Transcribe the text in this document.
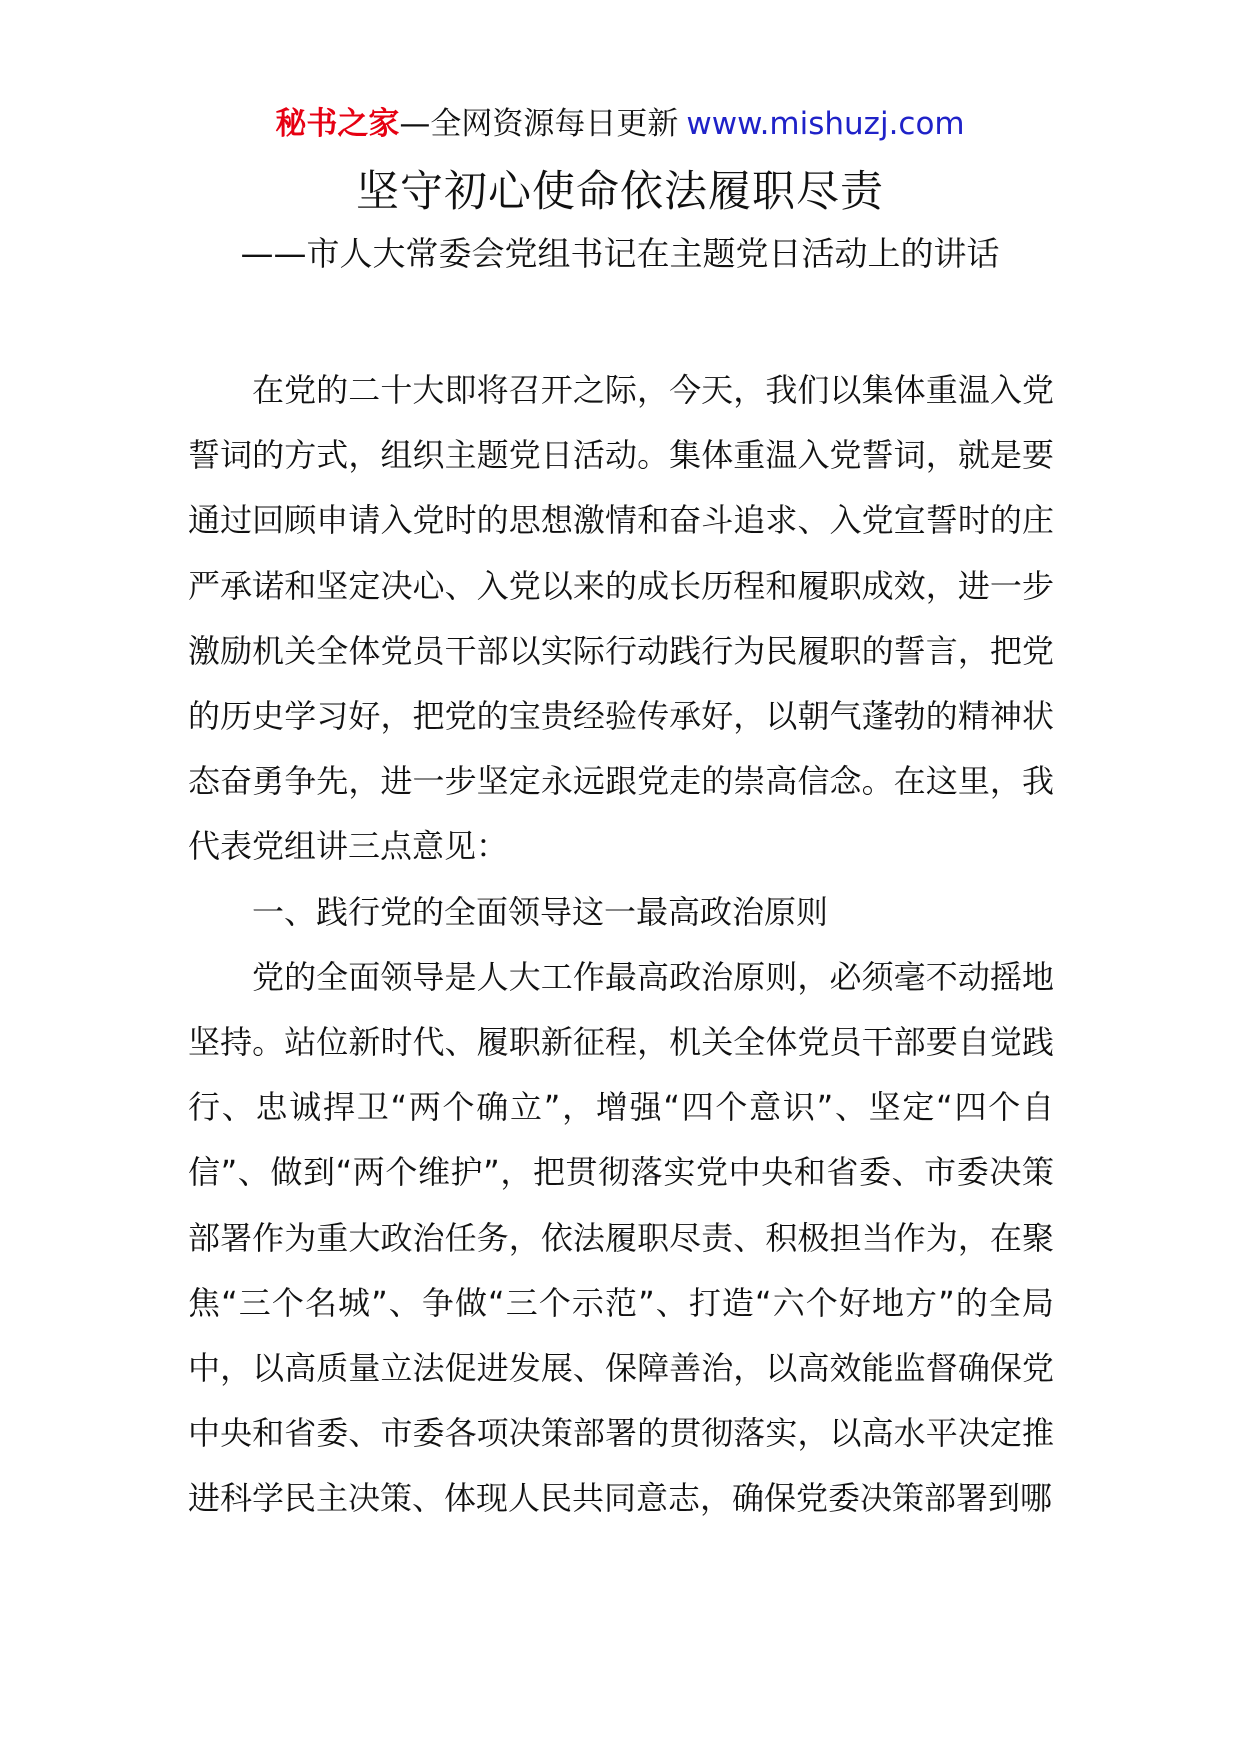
秘书之家—全网资源每日更新 www.mishuzj.com
坚守初心使命依法履职尽责
——市人大常委会党组书记在主题党日活动上的讲话

在党的二十大即将召开之际，今天，我们以集体重温入党誓词的方式，组织主题党日活动。集体重温入党誓词，就是要通过回顾申请入党时的思想激情和奋斗追求、入党宣誓时的庄严承诺和坚定决心、入党以来的成长历程和履职成效，进一步激励机关全体党员干部以实际行动践行为民履职的誓言，把党的历史学习好，把党的宝贵经验传承好，以朝气蓬勃的精神状态奋勇争先，进一步坚定永远跟党走的崇高信念。在这里，我代表党组讲三点意见：

一、践行党的全面领导这一最高政治原则

党的全面领导是人大工作最高政治原则，必须毫不动摇地坚持。站位新时代、履职新征程，机关全体党员干部要自觉践行、忠诚捍卫“两个确立”，增强“四个意识”、坚定“四个自信”、做到“两个维护”，把贯彻落实党中央和省委、市委决策部署作为重大政治任务，依法履职尽责、积极担当作为，在聚焦“三个名城”、争做“三个示范”、打造“六个好地方”的全局中，以高质量立法促进发展、保障善治，以高效能监督确保党中央和省委、市委各项决策部署的贯彻落实，以高水平决定推进科学民主决策、体现人民共同意志，确保党委决策部署到哪
